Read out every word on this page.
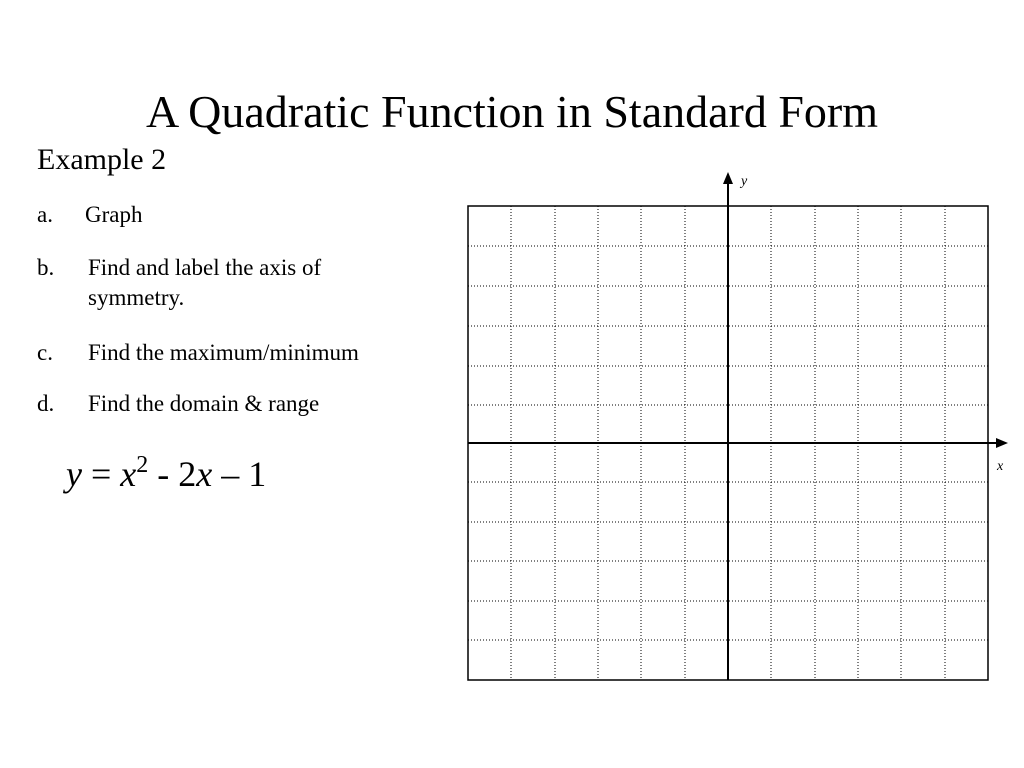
A Quadratic Function in Standard Form
Example 2
a. Graph
b. Find and label the axis of
symmetry.
c. Find the maximum/minimum
d. Find the domain & range
$y = x^2 - 2x - 1$
y
x
